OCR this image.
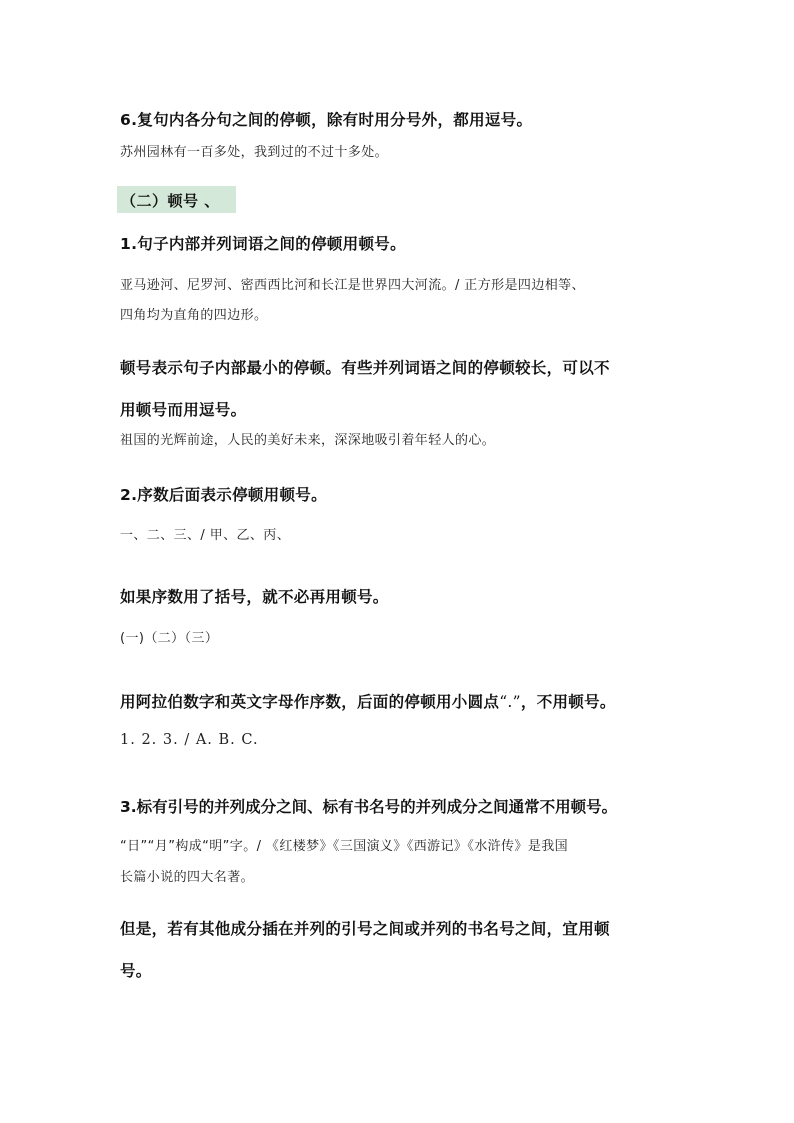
6.复句内各分句之间的停顿，除有时用分号外，都用逗号。

苏州园林有一百多处，我到过的不过十多处。

（二）顿号 、

1.句子内部并列词语之间的停顿用顿号。

亚马逊河、尼罗河、密西西比河和长江是世界四大河流。/ 正方形是四边相等、

四角均为直角的四边形。

顿号表示句子内部最小的停顿。有些并列词语之间的停顿较长，可以不

用顿号而用逗号。

祖国的光辉前途，人民的美好未来，深深地吸引着年轻人的心。

2.序数后面表示停顿用顿号。

一、二、三、/ 甲、乙、丙、

如果序数用了括号，就不必再用顿号。

(一)（二）（三）

用阿拉伯数字和英文字母作序数，后面的停顿用小圆点“.”，不用顿号。

1. 2. 3. / A. B. C.

3.标有引号的并列成分之间、标有书名号的并列成分之间通常不用顿号。

“日”“月”构成“明”字。/ 《红楼梦》《三国演义》《西游记》《水浒传》是我国

长篇小说的四大名著。

但是，若有其他成分插在并列的引号之间或并列的书名号之间，宜用顿

号。
